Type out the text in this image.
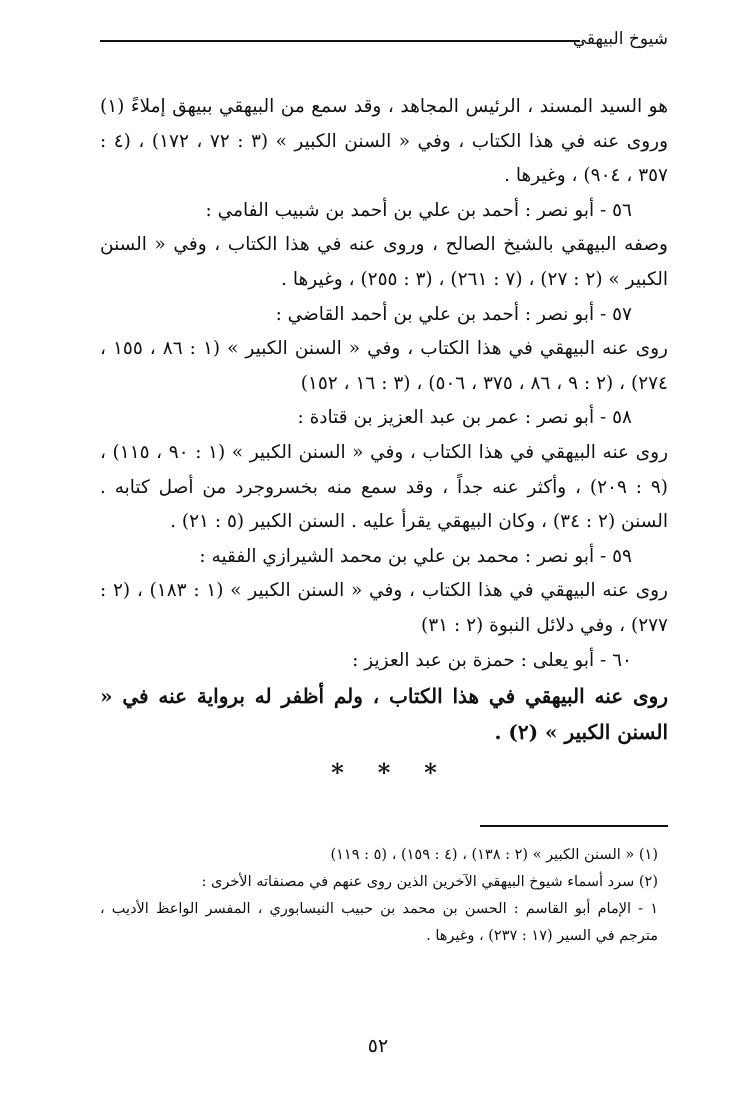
شيوخ البيهقي

هو السيد المسند ، الرئيس المجاهد ، وقد سمع من البيهقي ببيهق إملاءً (١) وروى عنه في هذا الكتاب ، وفي « السنن الكبير » (٣ : ٧٢ ، ١٧٢) ، (٤ : ٣٥٧ ، ٩٠٤) ، وغيرها .

٥٦ - أبو نصر : أحمد بن علي بن أحمد بن شبيب الفامي :

وصفه البيهقي بالشيخ الصالح ، وروى عنه في هذا الكتاب ، وفي « السنن الكبير » (٢ : ٢٧) ، (٧ : ٢٦١) ، (٣ : ٢٥٥) ، وغيرها .

٥٧ - أبو نصر : أحمد بن علي بن أحمد القاضي :

روى عنه البيهقي في هذا الكتاب ، وفي « السنن الكبير » (١ : ٨٦ ، ١٥٥ ، ٢٧٤) ، (٢ : ٩ ، ٨٦ ، ٣٧٥ ، ٥٠٦) ، (٣ : ١٦ ، ١٥٢)

٥٨ - أبو نصر : عمر بن عبد العزيز بن قتادة :

روى عنه البيهقي في هذا الكتاب ، وفي « السنن الكبير » (١ : ٩٠ ، ١١٥) ، (٩ : ٢٠٩) ، وأكثر عنه جداً ، وقد سمع منه بخسروجرد من أصل كتابه . السنن (٢ : ٣٤) ، وكان البيهقي يقرأ عليه . السنن الكبير (٥ : ٢١) .

٥٩ - أبو نصر : محمد بن علي بن محمد الشيرازي الفقيه :

روى عنه البيهقي في هذا الكتاب ، وفي « السنن الكبير » (١ : ١٨٣) ، (٢ : ٢٧٧) ، وفي دلائل النبوة (٢ : ٣١)

٦٠ - أبو يعلى : حمزة بن عبد العزيز :

روى عنه البيهقي في هذا الكتاب ، ولم أظفر له برواية عنه في « السنن الكبير » (٢) .

* * *

(١) « السنن الكبير » (٢ : ١٣٨) ، (٤ : ١٥٩) ، (٥ : ١١٩)

(٢) سرد أسماء شيوخ البيهقي الآخرين الذين روى عنهم في مصنفاته الأخرى :

١ - الإمام أبو القاسم : الحسن بن محمد بن حبيب النيسابوري ، المفسر الواعظ الأديب ، مترجم في السير (١٧ : ٢٣٧) ، وغيرها .

٥٢
